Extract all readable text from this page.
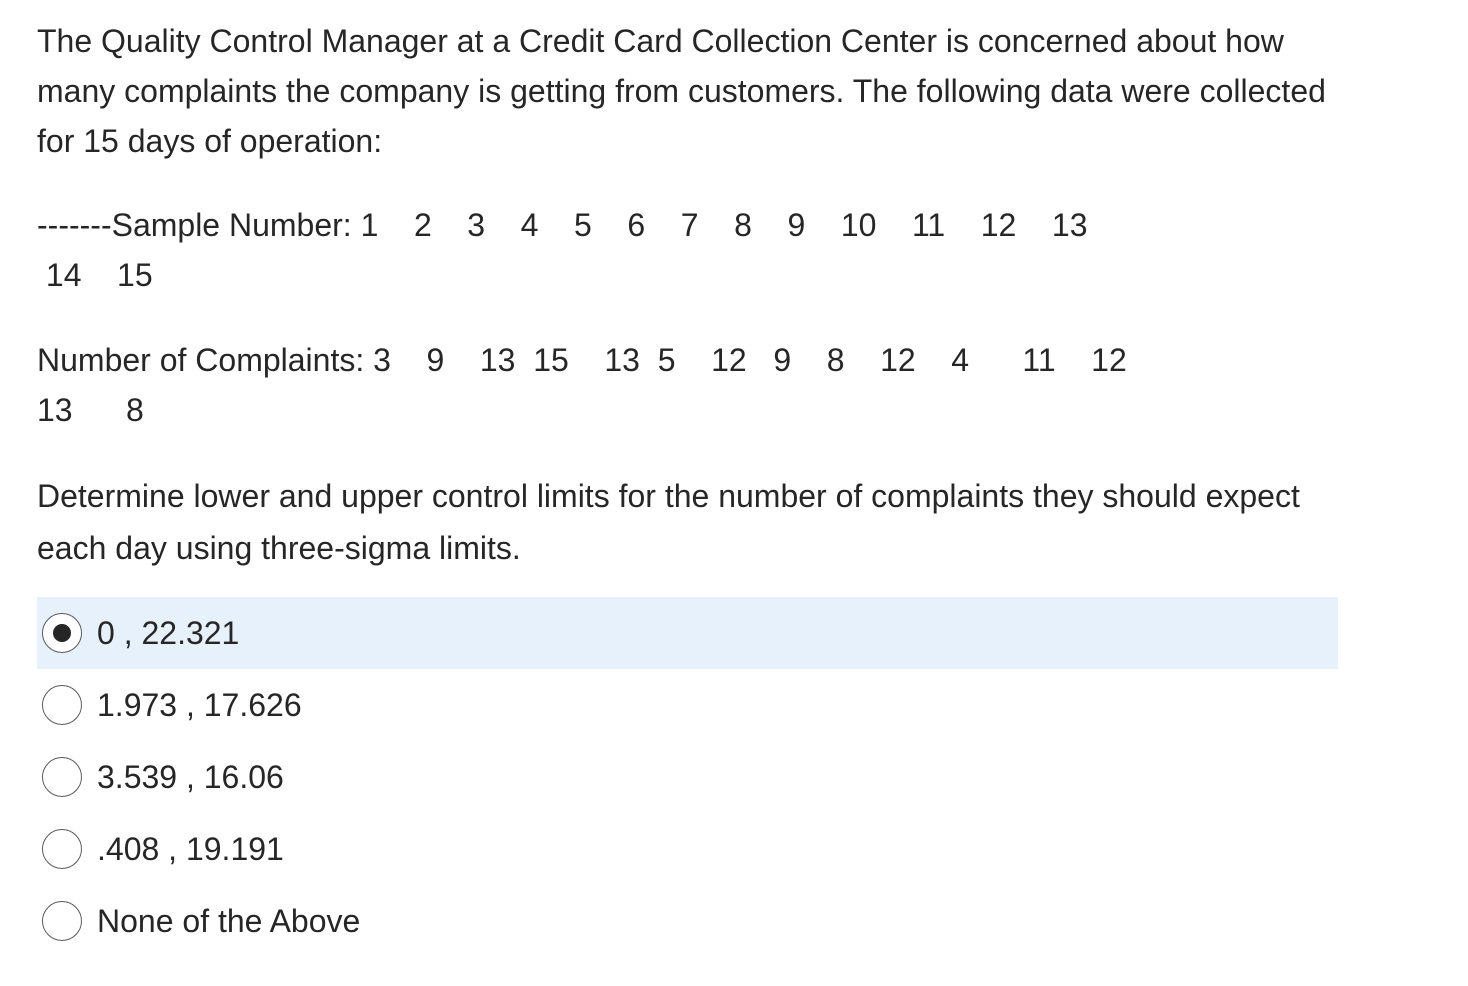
The Quality Control Manager at a Credit Card Collection Center is concerned about how many complaints the company is getting from customers. The following data were collected for 15 days of operation:

-------Sample Number: 1    2    3    4    5    6    7    8    9    10    11    12    13
14    15
Number of Complaints: 3    9    13  15    13  5    12   9    8    12    4      11    12
13      8
Determine lower and upper control limits for the number of complaints they should expect each day using three-sigma limits.
0 , 22.321
1.973 , 17.626
3.539 , 16.06
.408 , 19.191
None of the Above
